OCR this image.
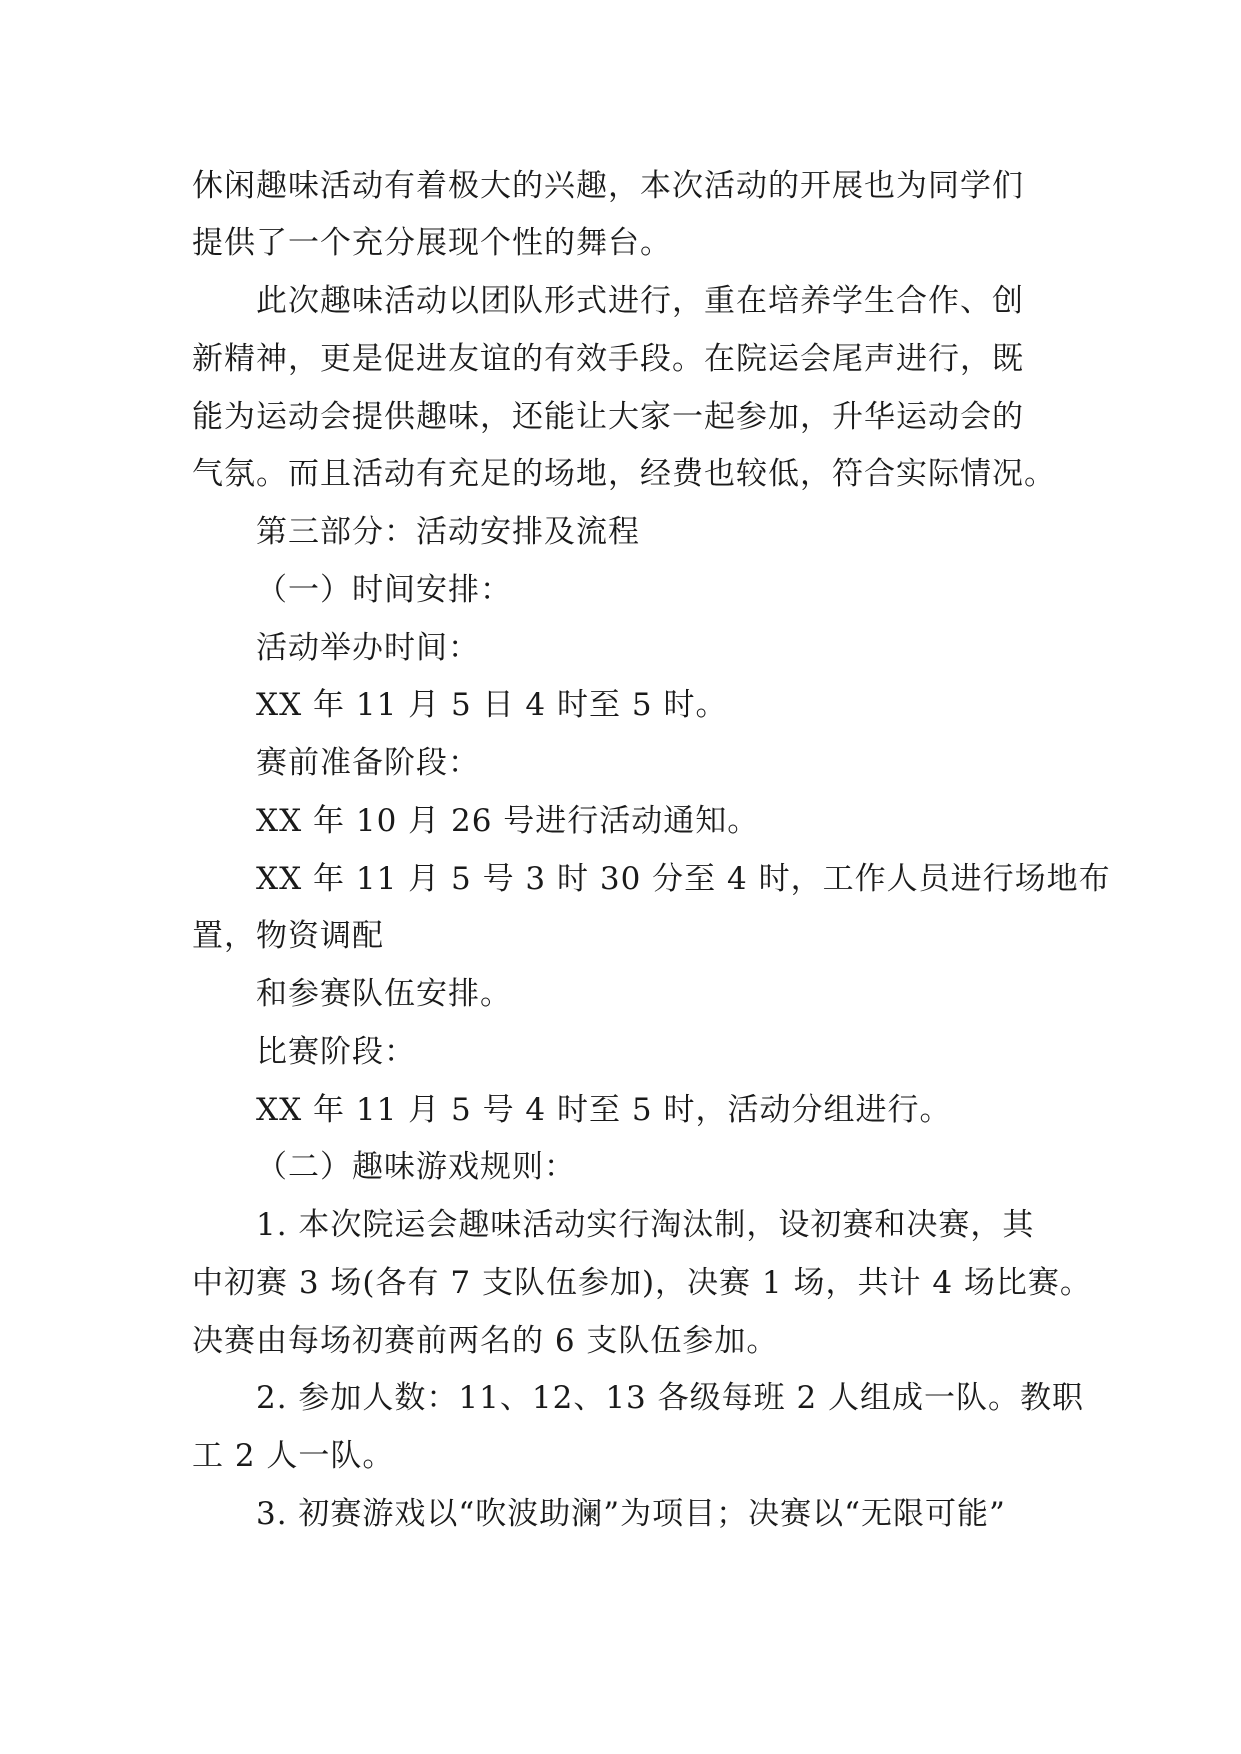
休闲趣味活动有着极大的兴趣，本次活动的开展也为同学们
提供了一个充分展现个性的舞台。
此次趣味活动以团队形式进行，重在培养学生合作、创
新精神，更是促进友谊的有效手段。在院运会尾声进行，既
能为运动会提供趣味，还能让大家一起参加，升华运动会的
气氛。而且活动有充足的场地，经费也较低，符合实际情况。
第三部分：活动安排及流程
（一）时间安排：
活动举办时间：
XX 年 11 月 5 日 4 时至 5 时。
赛前准备阶段：
XX 年 10 月 26 号进行活动通知。
XX 年 11 月 5 号 3 时 30 分至 4 时，工作人员进行场地布
置，物资调配
和参赛队伍安排。
比赛阶段：
XX 年 11 月 5 号 4 时至 5 时，活动分组进行。
（二）趣味游戏规则：
1. 本次院运会趣味活动实行淘汰制，设初赛和决赛，其
中初赛 3 场(各有 7 支队伍参加)，决赛 1 场，共计 4 场比赛。
决赛由每场初赛前两名的 6 支队伍参加。
2. 参加人数：11、12、13 各级每班 2 人组成一队。教职
工 2 人一队。
3. 初赛游戏以“吹波助澜”为项目；决赛以“无限可能”
